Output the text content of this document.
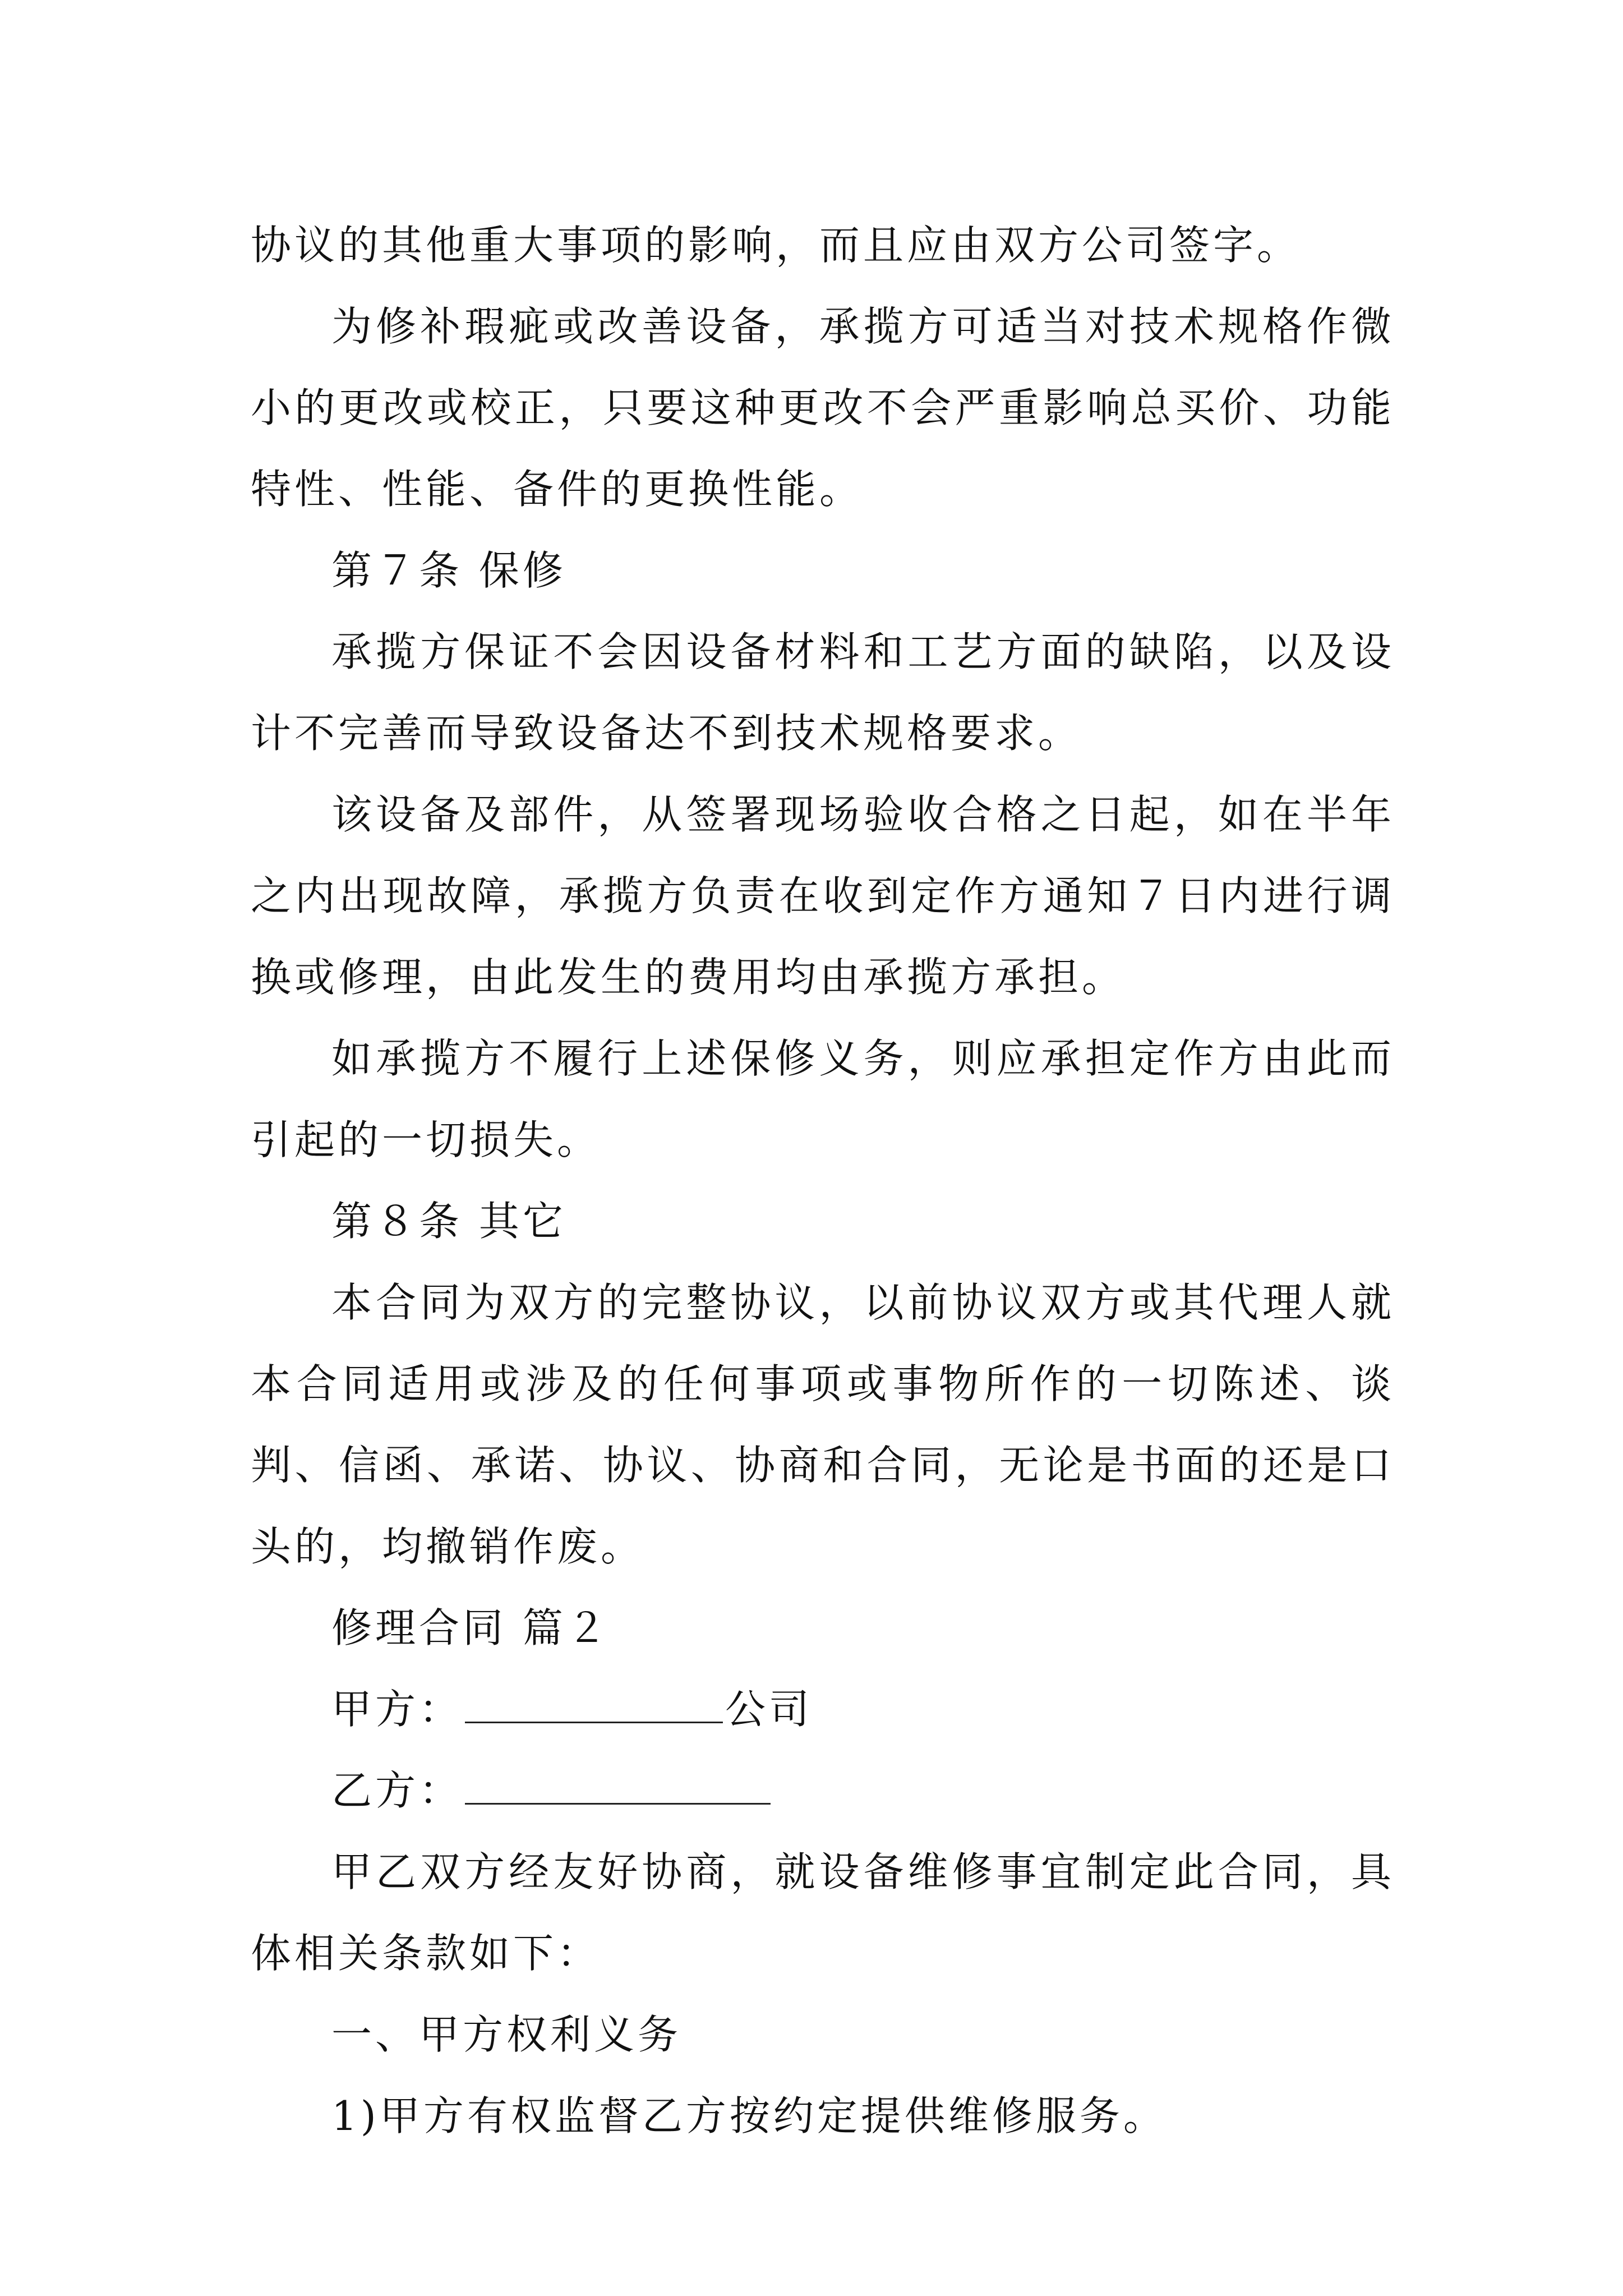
协议的其他重大事项的影响，而且应由双方公司签字。

为修补瑕疵或改善设备，承揽方可适当对技术规格作微小的更改或校正，只要这种更改不会严重影响总买价、功能特性、性能、备件的更换性能。

第７条 保修

承揽方保证不会因设备材料和工艺方面的缺陷，以及设计不完善而导致设备达不到技术规格要求。

该设备及部件，从签署现场验收合格之日起，如在半年之内出现故障，承揽方负责在收到定作方通知７日内进行调换或修理，由此发生的费用均由承揽方承担。

如承揽方不履行上述保修义务，则应承担定作方由此而引起的一切损失。

第８条 其它

本合同为双方的完整协议，以前协议双方或其代理人就本合同适用或涉及的任何事项或事物所作的一切陈述、谈判、信函、承诺、协议、协商和合同，无论是书面的还是口头的，均撤销作废。

修理合同 篇２

甲方：	公司

乙方：

甲乙双方经友好协商，就设备维修事宜制定此合同，具体相关条款如下：

一、甲方权利义务

1)甲方有权监督乙方按约定提供维修服务。
